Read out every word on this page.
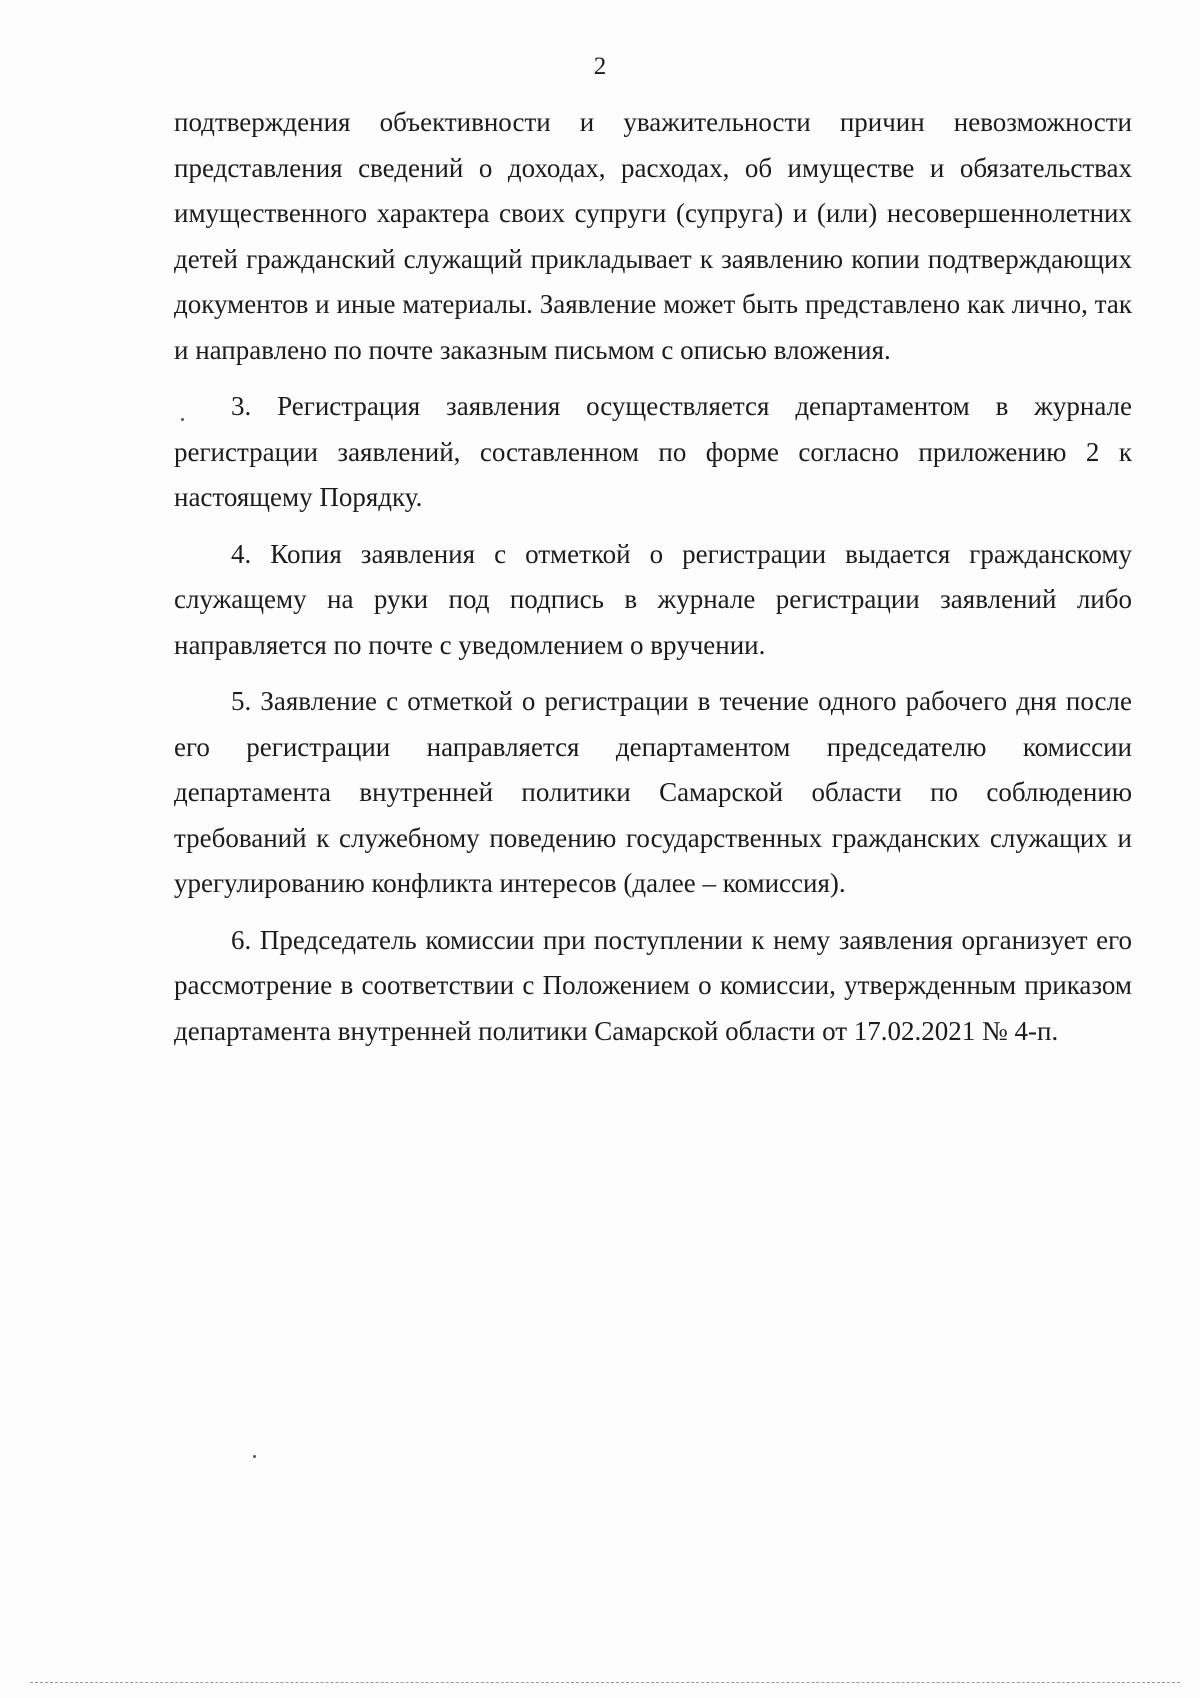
2

подтверждения объективности и уважительности причин невозможности представления сведений о доходах, расходах, об имуществе и обязательствах имущественного характера своих супруги (супруга) и (или) несовершеннолетних детей гражданский служащий прикладывает к заявлению копии подтверждающих документов и иные материалы. Заявление может быть представлено как лично, так и направлено по почте заказным письмом с описью вложения.

3. Регистрация заявления осуществляется департаментом в журнале регистрации заявлений, составленном по форме согласно приложению 2 к настоящему Порядку.

4. Копия заявления с отметкой о регистрации выдается гражданскому служащему на руки под подпись в журнале регистрации заявлений либо направляется по почте с уведомлением о вручении.

5. Заявление с отметкой о регистрации в течение одного рабочего дня после его регистрации направляется департаментом председателю комиссии департамента внутренней политики Самарской области по соблюдению требований к служебному поведению государственных гражданских служащих и урегулированию конфликта интересов (далее – комиссия).

6. Председатель комиссии при поступлении к нему заявления организует его рассмотрение в соответствии с Положением о комиссии, утвержденным приказом департамента внутренней политики Самарской области от 17.02.2021 № 4-п.
